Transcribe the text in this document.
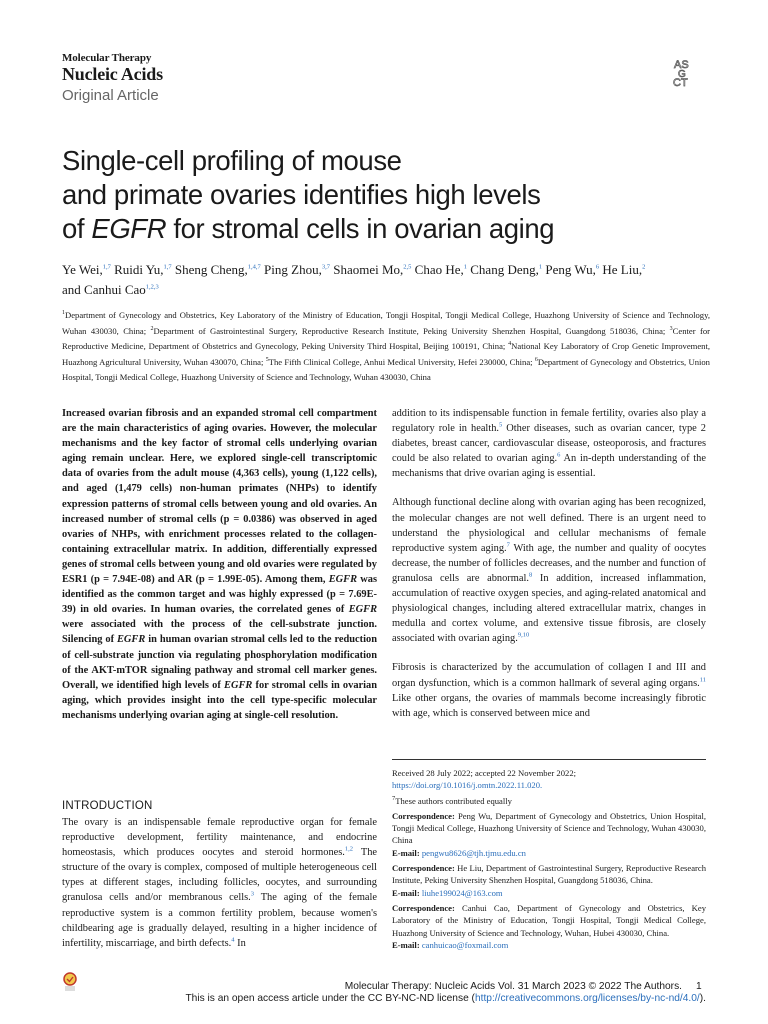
Molecular Therapy
Nucleic Acids
Original Article
AS
G
CT
Single-cell profiling of mouse
and primate ovaries identifies high levels
of EGFR for stromal cells in ovarian aging
Ye Wei,$^{1,7}$ Ruidi Yu,$^{1,7}$ Sheng Cheng,$^{1,4,7}$ Ping Zhou,$^{3,7}$ Shaomei Mo,$^{2,5}$ Chao He,$^1$ Chang Deng,$^1$ Peng Wu,$^6$ He Liu,$^2$
and Canhui Cao$^{1,2,3}$
$^1$Department of Gynecology and Obstetrics, Key Laboratory of the Ministry of Education, Tongji Hospital, Tongji Medical College, Huazhong University of Science and Technology, Wuhan 430030, China; $^2$Department of Gastrointestinal Surgery, Reproductive Research Institute, Peking University Shenzhen Hospital, Guangdong 518036, China; $^3$Center for Reproductive Medicine, Department of Obstetrics and Gynecology, Peking University Third Hospital, Beijing 100191, China; $^4$National Key Laboratory of Crop Genetic Improvement, Huazhong Agricultural University, Wuhan 430070, China; $^5$The Fifth Clinical College, Anhui Medical University, Hefei 230000, China; $^6$Department of Gynecology and Obstetrics, Union Hospital, Tongji Medical College, Huazhong University of Science and Technology, Wuhan 430030, China
Increased ovarian fibrosis and an expanded stromal cell compartment are the main characteristics of aging ovaries. However, the molecular mechanisms and the key factor of stromal cells underlying ovarian aging remain unclear. Here, we explored single-cell transcriptomic data of ovaries from the adult mouse (4,363 cells), young (1,122 cells), and aged (1,479 cells) non-human primates (NHPs) to identify expression patterns of stromal cells between young and old ovaries. An increased number of stromal cells (p = 0.0386) was observed in aged ovaries of NHPs, with enrichment processes related to the collagen-containing extracellular matrix. In addition, differentially expressed genes of stromal cells between young and old ovaries were regulated by ESR1 (p = 7.94E-08) and AR (p = 1.99E-05). Among them, EGFR was identified as the common target and was highly expressed (p = 7.69E-39) in old ovaries. In human ovaries, the correlated genes of EGFR were associated with the process of the cell-substrate junction. Silencing of EGFR in human ovarian stromal cells led to the reduction of cell-substrate junction via regulating phosphorylation modification of the AKT-mTOR signaling pathway and stromal cell marker genes. Overall, we identified high levels of EGFR for stromal cells in ovarian aging, which provides insight into the cell type-specific molecular mechanisms underlying ovarian aging at single-cell resolution.

addition to its indispensable function in female fertility, ovaries also play a regulatory role in health.$^5$ Other diseases, such as ovarian cancer, type 2 diabetes, breast cancer, cardiovascular disease, osteoporosis, and fractures could be also related to ovarian aging.$^6$ An in-depth understanding of the mechanisms that drive ovarian aging is essential.

Although functional decline along with ovarian aging has been recognized, the molecular changes are not well defined. There is an urgent need to understand the physiological and cellular mechanisms of female reproductive system aging.$^7$ With age, the number and quality of oocytes decrease, the number of follicles decreases, and the number and function of granulosa cells are abnormal.$^8$ In addition, increased inflammation, accumulation of reactive oxygen species, and aging-related anatomical and physiological changes, including altered extracellular matrix, changes in medulla and cortex volume, and extensive tissue fibrosis, are closely associated with ovarian aging.$^{9,10}$

Fibrosis is characterized by the accumulation of collagen I and III and organ dysfunction, which is a common hallmark of several aging organs.$^{11}$ Like other organs, the ovaries of mammals become increasingly fibrotic with age, which is conserved between mice and

INTRODUCTION
The ovary is an indispensable female reproductive organ for female reproductive development, fertility maintenance, and endocrine homeostasis, which produces oocytes and steroid hormones.$^{1,2}$ The structure of the ovary is complex, composed of multiple heterogeneous cell types at different stages, including follicles, oocytes, and surrounding granulosa cells and/or membranous cells.$^3$ The aging of the female reproductive system is a common fertility problem, because women's childbearing age is gradually delayed, resulting in a higher incidence of infertility, miscarriage, and birth defects.$^4$ In
Received 28 July 2022; accepted 22 November 2022;
https://doi.org/10.1016/j.omtn.2022.11.020.
$^7$These authors contributed equally
Correspondence: Peng Wu, Department of Gynecology and Obstetrics, Union Hospital, Tongji Medical College, Huazhong University of Science and Technology, Wuhan 430030, China
E-mail: pengwu8626@tjh.tjmu.edu.cn
Correspondence: He Liu, Department of Gastrointestinal Surgery, Reproductive Research Institute, Peking University Shenzhen Hospital, Guangdong 518036, China.
E-mail: liuhe199024@163.com
Correspondence: Canhui Cao, Department of Gynecology and Obstetrics, Key Laboratory of the Ministry of Education, Tongji Hospital, Tongji Medical College, Huazhong University of Science and Technology, Wuhan, Hubei 430030, China.
E-mail: canhuicao@foxmail.com
Molecular Therapy: Nucleic Acids Vol. 31 March 2023 © 2022 The Authors.	1
This is an open access article under the CC BY-NC-ND license (http://creativecommons.org/licenses/by-nc-nd/4.0/).
